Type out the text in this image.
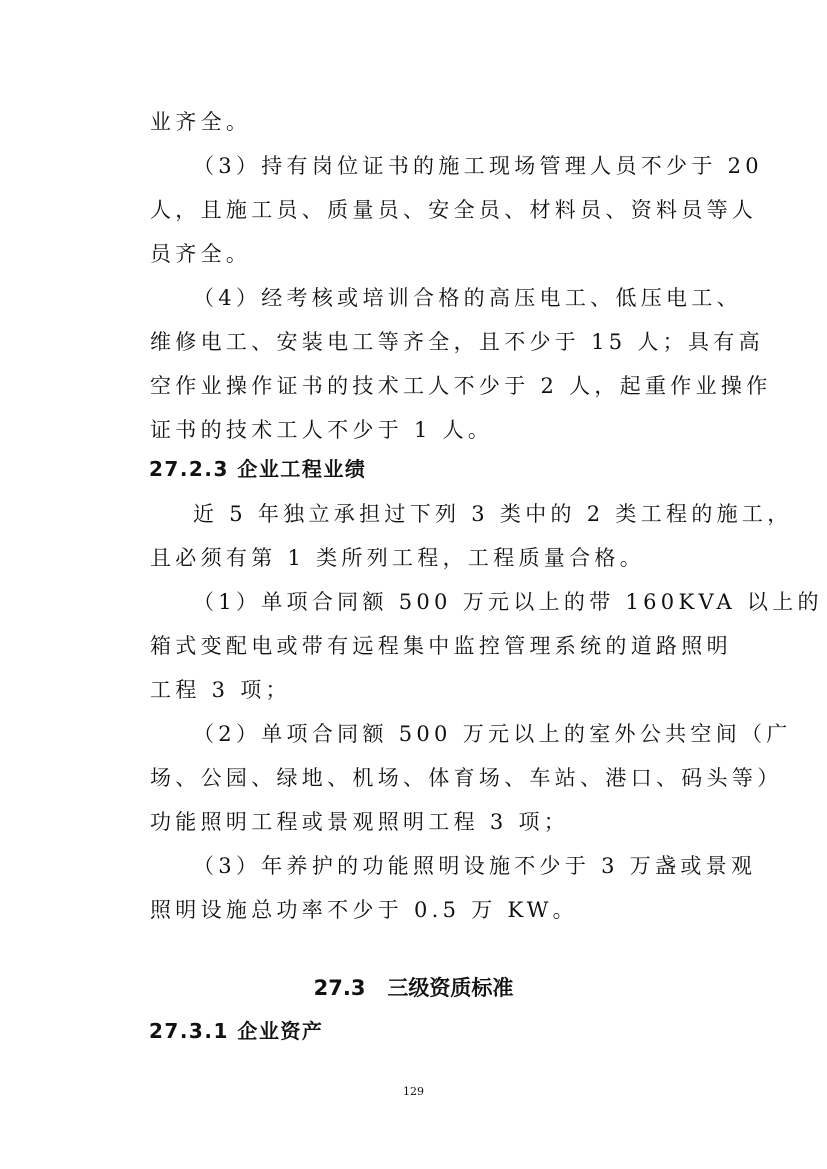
业齐全。
（3）持有岗位证书的施工现场管理人员不少于 20
人，且施工员、质量员、安全员、材料员、资料员等人
员齐全。
（4）经考核或培训合格的高压电工、低压电工、
维修电工、安装电工等齐全，且不少于 15 人；具有高
空作业操作证书的技术工人不少于 2 人，起重作业操作
证书的技术工人不少于 1 人。
27.2.3 企业工程业绩
近 5 年独立承担过下列 3 类中的 2 类工程的施工，
且必须有第 1 类所列工程，工程质量合格。
（1）单项合同额 500 万元以上的带 160KVA 以上的
箱式变配电或带有远程集中监控管理系统的道路照明
工程 3 项；
（2）单项合同额 500 万元以上的室外公共空间（广
场、公园、绿地、机场、体育场、车站、港口、码头等）
功能照明工程或景观照明工程 3 项；
（3）年养护的功能照明设施不少于 3 万盏或景观
照明设施总功率不少于 0.5 万 KW。
27.3   三级资质标准
27.3.1 企业资产
129
